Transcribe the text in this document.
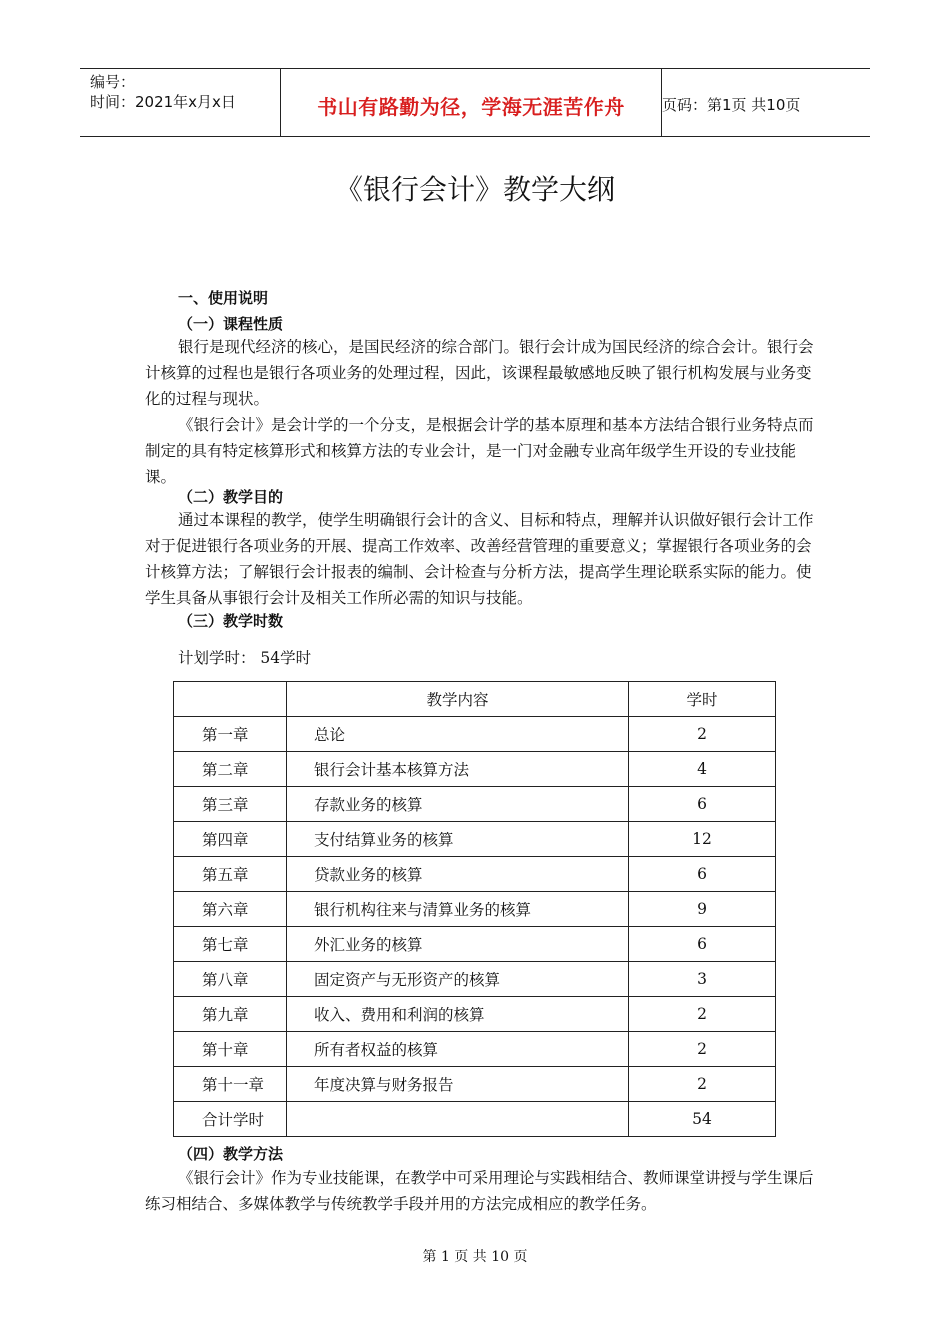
编号：
时间：2021年x月x日	书山有路勤为径，学海无涯苦作舟	页码：第1页 共10页
《银行会计》教学大纲
一、使用说明
（一）课程性质

银行是现代经济的核心，是国民经济的综合部门。银行会计成为国民经济的综合会计。银行会计核算的过程也是银行各项业务的处理过程，因此，该课程最敏感地反映了银行机构发展与业务变化的过程与现状。

《银行会计》是会计学的一个分支，是根据会计学的基本原理和基本方法结合银行业务特点而制定的具有特定核算形式和核算方法的专业会计，是一门对金融专业高年级学生开设的专业技能课。

（二）教学目的

通过本课程的教学，使学生明确银行会计的含义、目标和特点，理解并认识做好银行会计工作对于促进银行各项业务的开展、提高工作效率、改善经营管理的重要意义；掌握银行各项业务的会计核算方法；了解银行会计报表的编制、会计检查与分析方法，提高学生理论联系实际的能力。使学生具备从事银行会计及相关工作所必需的知识与技能。

（三）教学时数
计划学时： 54学时
	教学内容	学时
第一章	总论	2
第二章	银行会计基本核算方法	4
第三章	存款业务的核算	6
第四章	支付结算业务的核算	12
第五章	贷款业务的核算	6
第六章	银行机构往来与清算业务的核算	9
第七章	外汇业务的核算	6
第八章	固定资产与无形资产的核算	3
第九章	收入、费用和利润的核算	2
第十章	所有者权益的核算	2
第十一章	年度决算与财务报告	2
合计学时		54
（四）教学方法

《银行会计》作为专业技能课，在教学中可采用理论与实践相结合、教师课堂讲授与学生课后练习相结合、多媒体教学与传统教学手段并用的方法完成相应的教学任务。

第 1 页 共 10 页
